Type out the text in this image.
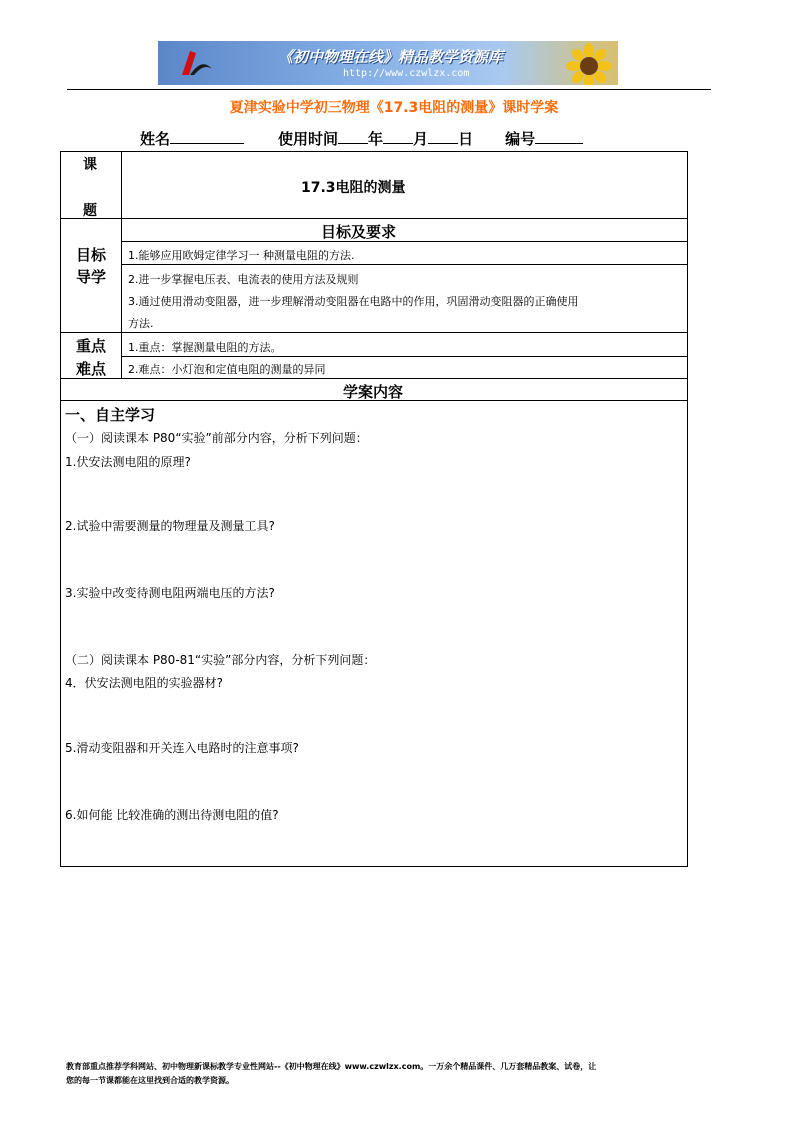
《初中物理在线》精品教学资源库
http://www.czwlzx.com
夏津实验中学初三物理《17.3电阻的测量》课时学案
姓名	使用时间 年 月 日 编号
课
题
17.3电阻的测量
目标及要求
目标
导学
1.能够应用欧姆定律学习一 种测量电阻的方法.
2.进一步掌握电压表、电流表的使用方法及规则
3.通过使用滑动变阻器，进一步理解滑动变阻器在电路中的作用，巩固滑动变阻器的正确使用
方法.
重点
难点
1.重点：掌握测量电阻的方法。
2.难点：小灯泡和定值电阻的测量的异同
学案内容
一、自主学习
（一）阅读课本 P80“实验”前部分内容，分析下列问题：
1.伏安法测电阻的原理?
2.试验中需要测量的物理量及测量工具?
3.实验中改变待测电阻两端电压的方法?
（二）阅读课本 P80-81“实验”部分内容，分析下列问题：
4．伏安法测电阻的实验器材?
5.滑动变阻器和开关连入电路时的注意事项?
6.如何能 比较准确的测出待测电阻的值?
教育部重点推荐学科网站、初中物理新课标教学专业性网站--《初中物理在线》www.czwlzx.com。一万余个精品课件、几万套精品教案、试卷，让
您的每一节课都能在这里找到合适的教学资源。
